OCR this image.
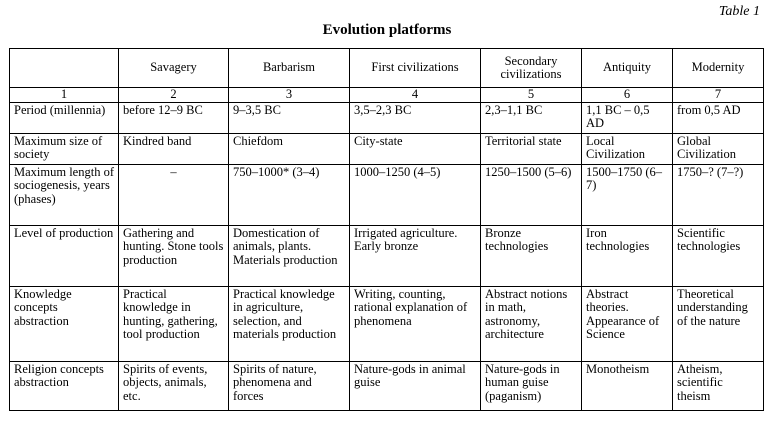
Table 1
Evolution platforms
	Savagery	Barbarism	First civilizations	Secondary civilizations	Antiquity	Modernity
1	2	3	4	5	6	7
Period (millennia)	before 12–9 BC	9–3,5 BC	3,5–2,3 BC	2,3–1,1 BC	1,1 BC – 0,5 AD	from 0,5 AD
Maximum size of society	Kindred band	Chiefdom	City-state	Territorial state	Local Civilization	Global Civilization
Maximum length of sociogenesis, years (phases)	–	750–1000* (3–4)	1000–1250 (4–5)	1250–1500 (5–6)	1500–1750 (6–7)	1750–? (7–?)
Level of production	Gathering and hunting. Stone tools production	Domestication of animals, plants. Materials production	Irrigated agriculture. Early bronze	Bronze technologies	Iron technologies	Scientific technologies
Knowledge concepts abstraction	Practical knowledge in hunting, gathering, tool production	Practical knowledge in agriculture, selection, and materials production	Writing, counting, rational explanation of phenomena	Abstract notions in math, astronomy, architecture	Abstract theories. Appearance of Science	Theoretical understanding of the nature
Religion concepts abstraction	Spirits of events, objects, animals, etc.	Spirits of nature, phenomena and forces	Nature-gods in animal guise	Nature-gods in human guise (paganism)	Monotheism	Atheism, scientific theism
